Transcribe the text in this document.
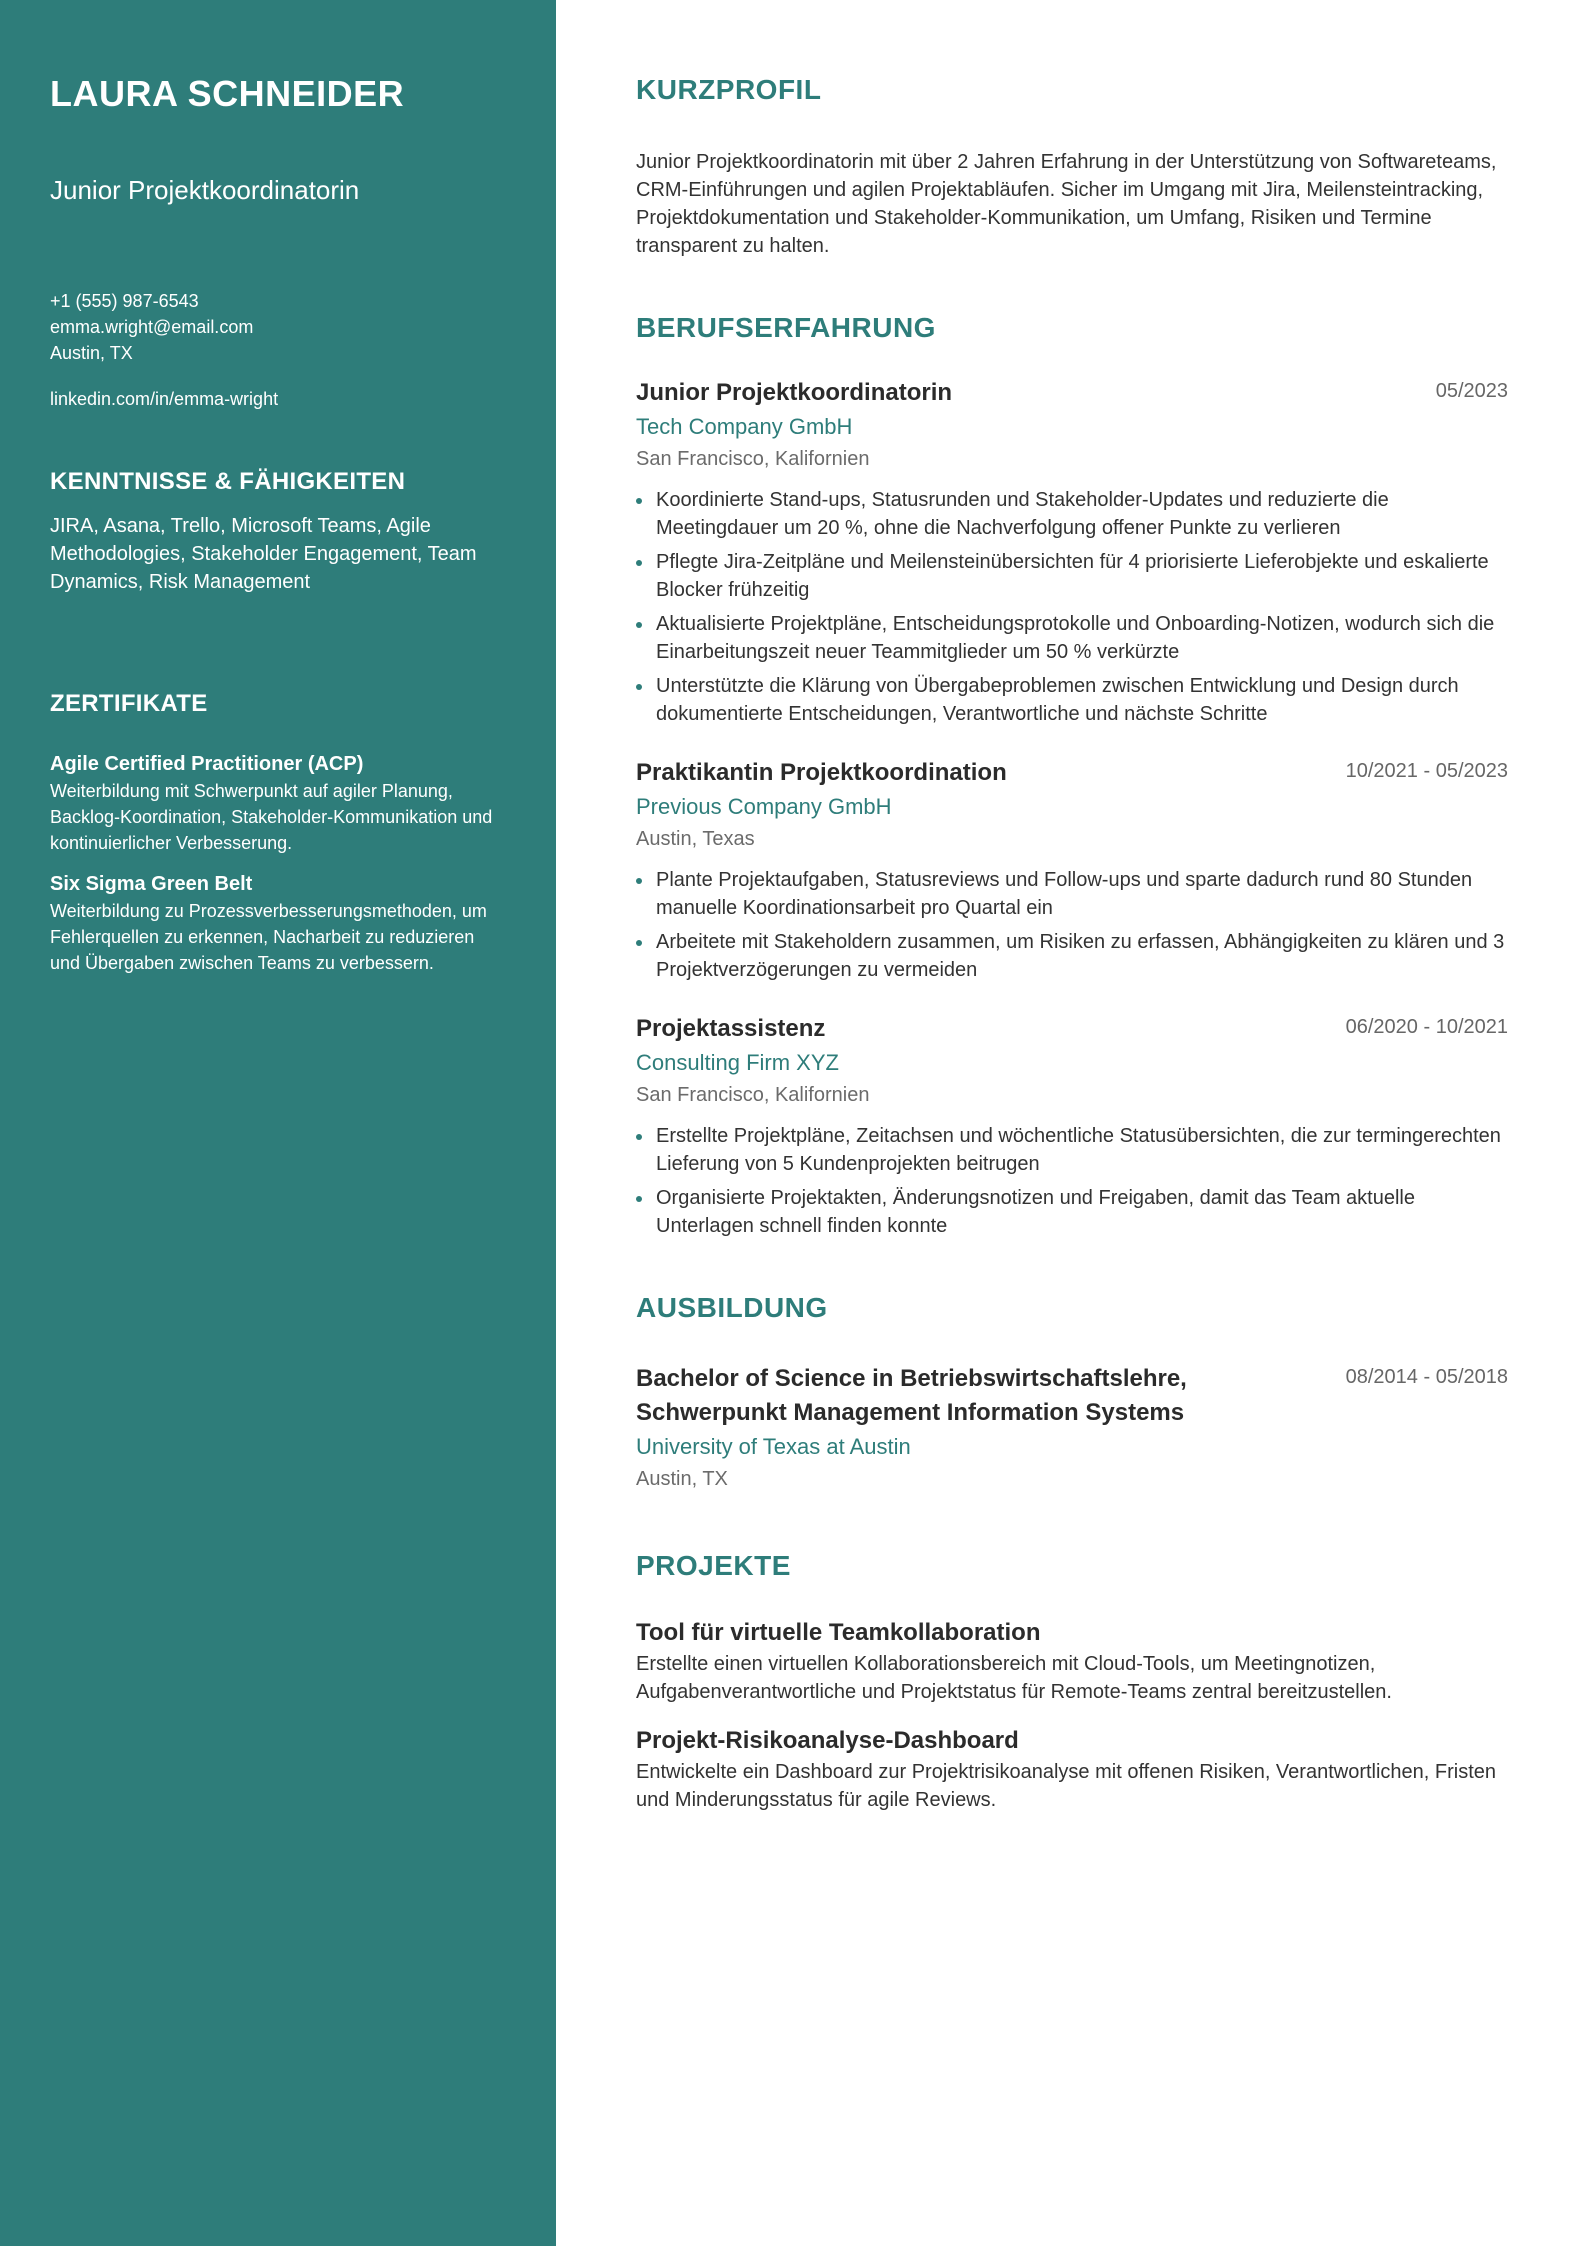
LAURA SCHNEIDER
Junior Projektkoordinatorin
+1 (555) 987-6543
emma.wright@email.com
Austin, TX
linkedin.com/in/emma-wright
KENNTNISSE & FÄHIGKEITEN
JIRA, Asana, Trello, Microsoft Teams, Agile Methodologies, Stakeholder Engagement, Team Dynamics, Risk Management
ZERTIFIKATE
Agile Certified Practitioner (ACP)
Weiterbildung mit Schwerpunkt auf agiler Planung, Backlog-Koordination, Stakeholder-Kommunikation und kontinuierlicher Verbesserung.
Six Sigma Green Belt
Weiterbildung zu Prozessverbesserungsmethoden, um Fehlerquellen zu erkennen, Nacharbeit zu reduzieren und Übergaben zwischen Teams zu verbessern.
KURZPROFIL

Junior Projektkoordinatorin mit über 2 Jahren Erfahrung in der Unterstützung von Softwareteams, CRM-Einführungen und agilen Projektabläufen. Sicher im Umgang mit Jira, Meilensteintracking, Projektdokumentation und Stakeholder-Kommunikation, um Umfang, Risiken und Termine transparent zu halten.

BERUFSERFAHRUNG
Junior Projektkoordinatorin	05/2023
Tech Company GmbH
San Francisco, Kalifornien
Koordinierte Stand-ups, Statusrunden und Stakeholder-Updates und reduzierte die Meetingdauer um 20 %, ohne die Nachverfolgung offener Punkte zu verlieren
Pflegte Jira-Zeitpläne und Meilensteinübersichten für 4 priorisierte Lieferobjekte und eskalierte Blocker frühzeitig
Aktualisierte Projektpläne, Entscheidungsprotokolle und Onboarding-Notizen, wodurch sich die Einarbeitungszeit neuer Teammitglieder um 50 % verkürzte
Unterstützte die Klärung von Übergabeproblemen zwischen Entwicklung und Design durch dokumentierte Entscheidungen, Verantwortliche und nächste Schritte
Praktikantin Projektkoordination	10/2021 - 05/2023
Previous Company GmbH
Austin, Texas
Plante Projektaufgaben, Statusreviews und Follow-ups und sparte dadurch rund 80 Stunden manuelle Koordinationsarbeit pro Quartal ein
Arbeitete mit Stakeholdern zusammen, um Risiken zu erfassen, Abhängigkeiten zu klären und 3 Projektverzögerungen zu vermeiden
Projektassistenz	06/2020 - 10/2021
Consulting Firm XYZ
San Francisco, Kalifornien
Erstellte Projektpläne, Zeitachsen und wöchentliche Statusübersichten, die zur termingerechten Lieferung von 5 Kundenprojekten beitrugen
Organisierte Projektakten, Änderungsnotizen und Freigaben, damit das Team aktuelle Unterlagen schnell finden konnte
AUSBILDUNG
Bachelor of Science in Betriebswirtschaftslehre, Schwerpunkt Management Information Systems
08/2014 - 05/2018
University of Texas at Austin
Austin, TX
PROJEKTE
Tool für virtuelle Teamkollaboration
Erstellte einen virtuellen Kollaborationsbereich mit Cloud-Tools, um Meetingnotizen, Aufgabenverantwortliche und Projektstatus für Remote-Teams zentral bereitzustellen.
Projekt-Risikoanalyse-Dashboard
Entwickelte ein Dashboard zur Projektrisikoanalyse mit offenen Risiken, Verantwortlichen, Fristen und Minderungsstatus für agile Reviews.
